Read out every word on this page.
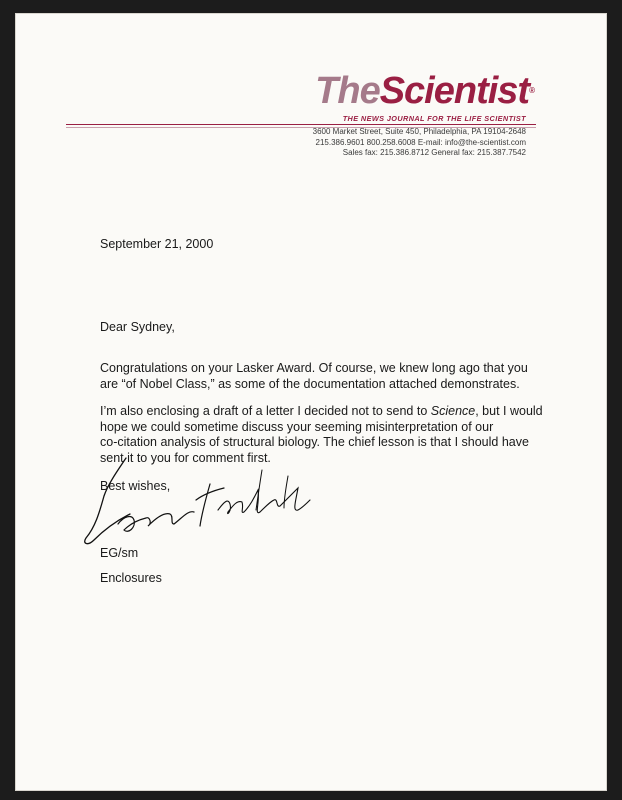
TheScientist®
THE NEWS JOURNAL FOR THE LIFE SCIENTIST
3600 Market Street, Suite 450, Philadelphia, PA 19104-2648
215.386.9601 800.258.6008 E-mail: info@the-scientist.com
Sales fax: 215.386.8712 General fax: 215.387.7542
September 21, 2000
Dear Sydney,
Congratulations on your Lasker Award. Of course, we knew long ago that you
are “of Nobel Class,” as some of the documentation attached demonstrates.
I’m also enclosing a draft of a letter I decided not to send to Science, but I would
hope we could sometime discuss your seeming misinterpretation of our
co-citation analysis of structural biology. The chief lesson is that I should have
sent it to you for comment first.
Best wishes,
EG/sm
Enclosures
